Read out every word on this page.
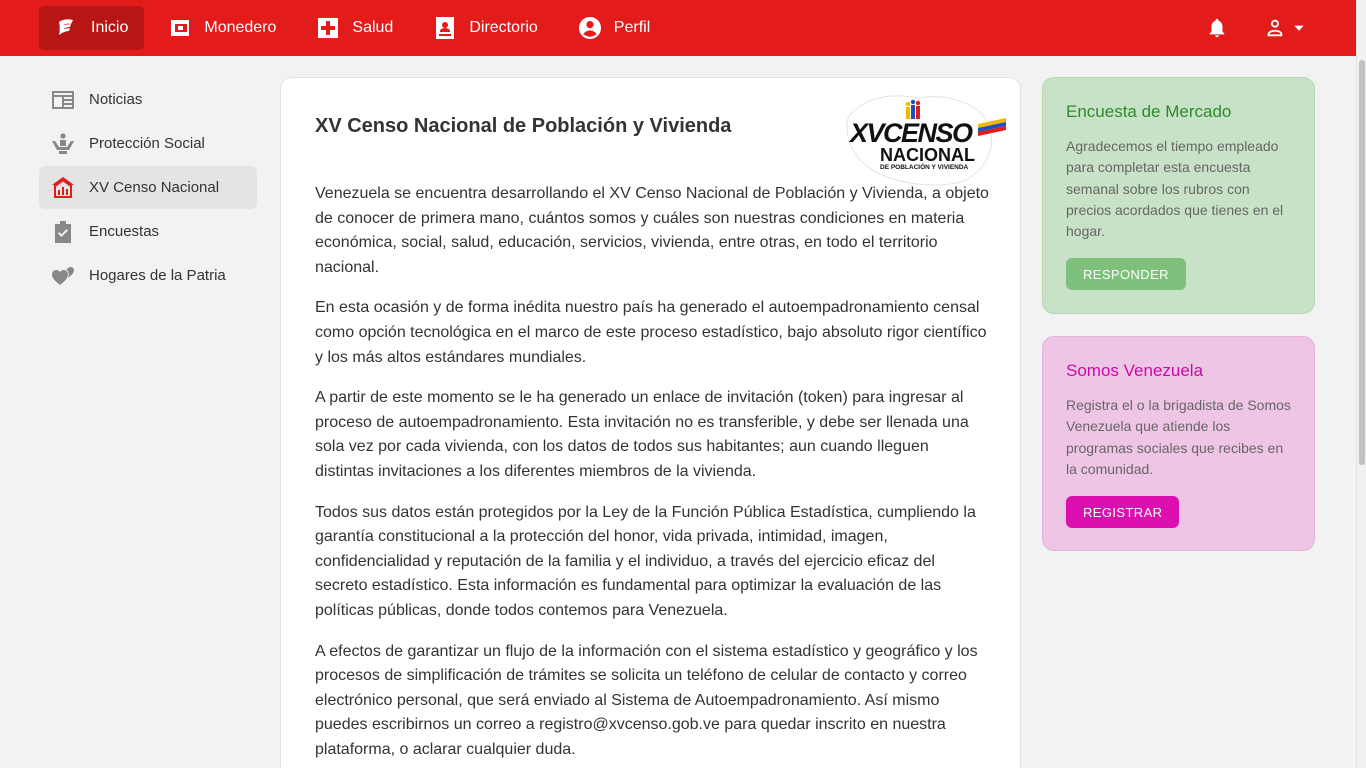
Inicio	Monedero	Salud	Directorio	Perfil
Noticias
Protección Social
XV Censo Nacional
Encuestas
Hogares de la Patria
XV Censo Nacional de Población y Vivienda	XVCENSO
NACIONAL
DE POBLACIÓN Y VIVIENDA

Venezuela se encuentra desarrollando el XV Censo Nacional de Población y Vivienda, a objeto de conocer de primera mano, cuántos somos y cuáles son nuestras condiciones en materia económica, social, salud, educación, servicios, vivienda, entre otras, en todo el territorio nacional.

En esta ocasión y de forma inédita nuestro país ha generado el autoempadronamiento censal como opción tecnológica en el marco de este proceso estadístico, bajo absoluto rigor científico y los más altos estándares mundiales.

A partir de este momento se le ha generado un enlace de invitación (token) para ingresar al proceso de autoempadronamiento. Esta invitación no es transferible, y debe ser llenada una sola vez por cada vivienda, con los datos de todos sus habitantes; aun cuando lleguen distintas invitaciones a los diferentes miembros de la vivienda.

Todos sus datos están protegidos por la Ley de la Función Pública Estadística, cumpliendo la garantía constitucional a la protección del honor, vida privada, intimidad, imagen, confidencialidad y reputación de la familia y el individuo, a través del ejercicio eficaz del secreto estadístico. Esta información es fundamental para optimizar la evaluación de las políticas públicas, donde todos contemos para Venezuela.

A efectos de garantizar un flujo de la información con el sistema estadístico y geográfico y los procesos de simplificación de trámites se solicita un teléfono de celular de contacto y correo electrónico personal, que será enviado al Sistema de Autoempadronamiento. Así mismo puedes escribirnos un correo a registro@xvcenso.gob.ve para quedar inscrito en nuestra plataforma, o aclarar cualquier duda.

Encuesta de Mercado

Agradecemos el tiempo empleado para completar esta encuesta semanal sobre los rubros con precios acordados que tienes en el hogar.

RESPONDER
Somos Venezuela

Registra el o la brigadista de Somos Venezuela que atiende los programas sociales que recibes en la comunidad.

REGISTRAR
